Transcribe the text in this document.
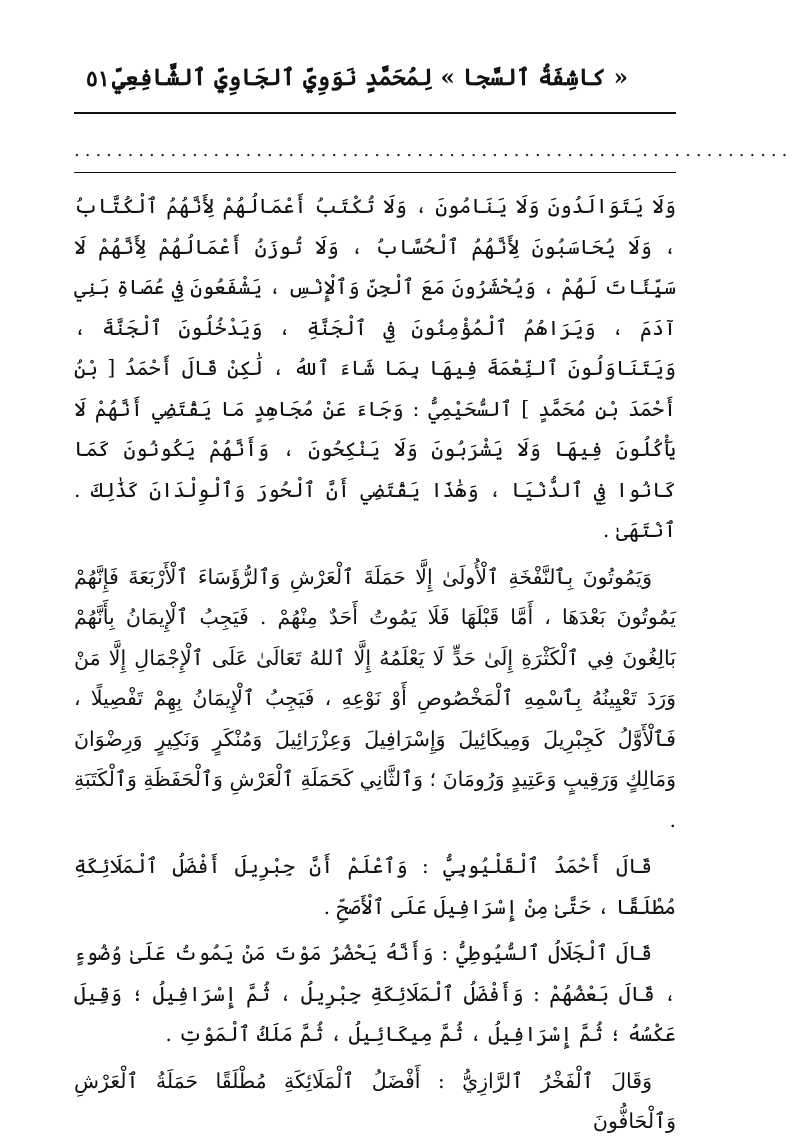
« كاشِفَةُ ٱلسَّجا » لِمُحَمَّدٍ نَوَوِيِّ ٱلجَاوِيِّ ٱلشَّافِعِيِّ
٥١
...................................................................

وَلَا يَتَوَالَدُونَ وَلَا يَنَامُونَ ، وَلَا تُكْتَبُ أَعْمَالُهُمْ لِأَنَّهُمُ ٱلْكُتَّابُ ، وَلَا يُحَاسَبُونَ لِأَنَّهُمُ ٱلْحُسَّابُ ، وَلَا تُوزَنُ أَعْمَالُهُمْ لِأَنَّهُمْ لَا سَيِّئَاتَ لَهُمْ ، وَيُحْشَرُونَ مَعَ ٱلْجِنِّ وَٱلْإِنْسِ ، يَشْفَعُونَ فِي عُصَاةِ بَنِي آدَمَ ، وَيَرَاهُمُ ٱلْمُؤْمِنُونَ فِي ٱلْجَنَّةِ ، وَيَدْخُلُونَ ٱلْجَنَّةَ ، وَيَتَنَاوَلُونَ ٱلنِّعْمَةَ فِيهَا بِمَا شَاءَ ٱللهُ ، لَٰكِنْ قَالَ أَحْمَدُ [ بْنُ أَحْمَدَ بْنِ مُحَمَّدٍ ] ٱلسُّحَيْمِيُّ : وَجَاءَ عَنْ مُجَاهِدٍ مَا يَقْتَضِي أَنَّهُمْ لَا يَأْكُلُونَ فِيهَا وَلَا يَشْرَبُونَ وَلَا يَنْكِحُونَ ، وَأَنَّهُمْ يَكُونُونَ كَمَا كَانُوا فِي ٱلدُّنْيَا ، وَهَٰذَا يَقْتَضِي أَنَّ ٱلْحُورَ وَٱلْوِلْدَانَ كَذَٰلِكَ . ٱنْتَهَىٰ .

وَيَمُوتُونَ بِٱلنَّفْخَةِ ٱلْأُولَىٰ إِلَّا حَمَلَةَ ٱلْعَرْشِ وَٱلرُّؤَسَاءَ ٱلْأَرْبَعَةَ فَإِنَّهُمْ يَمُوتُونَ بَعْدَهَا ، أَمَّا قَبْلَهَا فَلَا يَمُوتُ أَحَدٌ مِنْهُمْ . فَيَجِبُ ٱلْإِيمَانُ بِأَنَّهُمْ بَالِغُونَ فِي ٱلْكَثْرَةِ إِلَىٰ حَدٍّ لَا يَعْلَمُهُ إِلَّا ٱللهُ تَعَالَىٰ عَلَى ٱلْإِجْمَالِ إِلَّا مَنْ وَرَدَ تَعْيِينُهُ بِٱسْمِهِ ٱلْمَخْصُوصِ أَوْ نَوْعِهِ ، فَيَجِبُ ٱلْإِيمَانُ بِهِمْ تَفْصِيلًا ، فَٱلْأَوَّلُ كَجِبْرِيلَ وَمِيكَائِيلَ وَإِسْرَافِيلَ وَعِزْرَائِيلَ وَمُنْكَرٍ وَنَكِيرٍ وَرِضْوَانَ وَمَالِكٍ وَرَقِيبٍ وَعَتِيدٍ وَرُومَانَ ؛ وَٱلثَّانِي كَحَمَلَةِ ٱلْعَرْشِ وَٱلْحَفَظَةِ وَٱلْكَتَبَةِ .

قَالَ أَحْمَدُ ٱلْقَلْيُوبِيُّ : وَٱعْلَمْ أَنَّ جِبْرِيلَ أَفْضَلُ ٱلْمَلَائِكَةِ مُطْلَقًا ، حَتَّىٰ مِنْ إِسْرَافِيلَ عَلَى ٱلْأَصَحِّ .

قَالَ ٱلْجَلَالُ ٱلسُّيُوطِيُّ : وَأَنَّهُ يَحْضُرُ مَوْتَ مَنْ يَمُوتُ عَلَىٰ وُضُوءٍ ، قَالَ بَعْضُهُمْ : وَأَفْضَلُ ٱلْمَلَائِكَةِ جِبْرِيلُ ، ثُمَّ إِسْرَافِيلُ ؛ وَقِيلَ عَكْسُهُ ؛ ثُمَّ إِسْرَافِيلُ ، ثُمَّ مِيكَائِيلُ ، ثُمَّ مَلَكُ ٱلْمَوْتِ .

وَقَالَ ٱلْفَخْرُ ٱلرَّازِيُّ : أَفْضَلُ ٱلْمَلَائِكَةِ مُطْلَقًا حَمَلَةُ ٱلْعَرْشِ وَٱلْحَافُّونَ
